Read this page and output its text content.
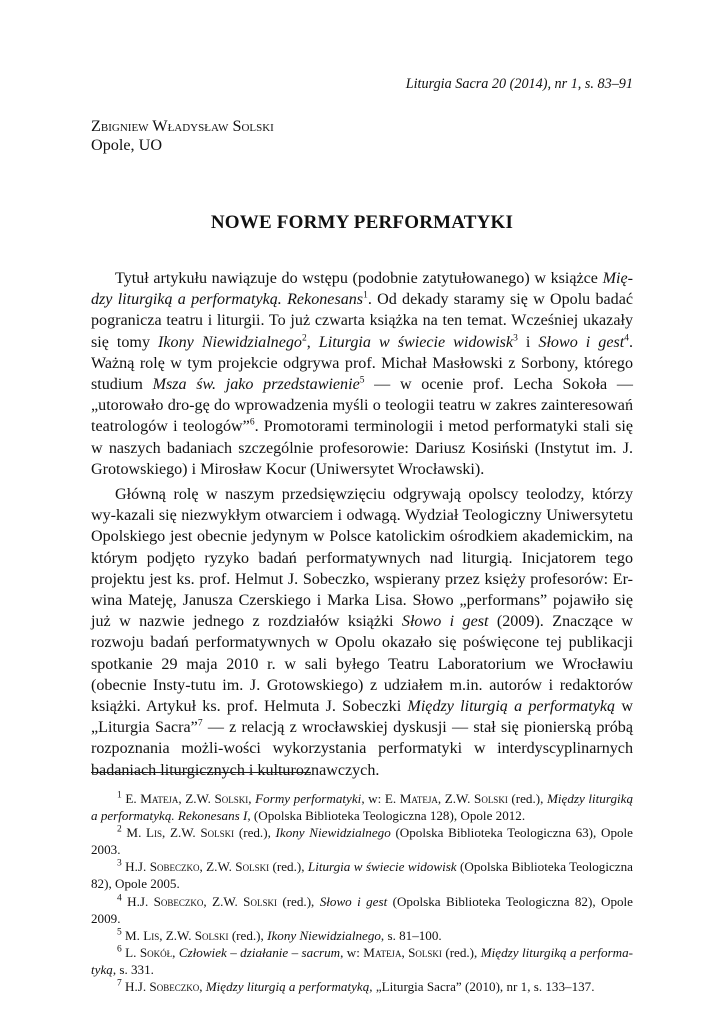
Liturgia Sacra 20 (2014), nr 1, s. 83–91
Zbigniew Władysław Solski
Opole, UO
NOWE FORMY PERFORMATYKI

Tytuł artykułu nawiązuje do wstępu (podobnie zatytułowanego) w książce Mię-dzy liturgiką a performatyką. Rekonesans$^1$. Od dekady staramy się w Opolu badać pogranicza teatru i liturgii. To już czwarta książka na ten temat. Wcześniej ukazały się tomy Ikony Niewidzialnego$^2$, Liturgia w świecie widowisk$^3$ i Słowo i gest$^4$. Ważną rolę w tym projekcie odgrywa prof. Michał Masłowski z Sorbony, którego studium Msza św. jako przedstawienie$^5$ — w ocenie prof. Lecha Sokoła — „utorowało dro-gę do wprowadzenia myśli o teologii teatru w zakres zainteresowań teatrologów i teologów”$^6$. Promotorami terminologii i metod performatyki stali się w naszych badaniach szczególnie profesorowie: Dariusz Kosiński (Instytut im. J. Grotowskiego) i Mirosław Kocur (Uniwersytet Wrocławski).

Główną rolę w naszym przedsięwzięciu odgrywają opolscy teolodzy, którzy wy-kazali się niezwykłym otwarciem i odwagą. Wydział Teologiczny Uniwersytetu Opolskiego jest obecnie jedynym w Polsce katolickim ośrodkiem akademickim, na którym podjęto ryzyko badań performatywnych nad liturgią. Inicjatorem tego projektu jest ks. prof. Helmut J. Sobeczko, wspierany przez księży profesorów: Er-wina Mateję, Janusza Czerskiego i Marka Lisa. Słowo „performans” pojawiło się już w nazwie jednego z rozdziałów książki Słowo i gest (2009). Znaczące w rozwoju badań performatywnych w Opolu okazało się poświęcone tej publikacji spotkanie 29 maja 2010 r. w sali byłego Teatru Laboratorium we Wrocławiu (obecnie Insty-tutu im. J. Grotowskiego) z udziałem m.in. autorów i redaktorów książki. Artykuł ks. prof. Helmuta J. Sobeczki Między liturgią a performatyką w „Liturgia Sacra”$^7$ — z relacją z wrocławskiej dyskusji — stał się pionierską próbą rozpoznania możli-wości wykorzystania performatyki w interdyscyplinarnych badaniach liturgicznych i kulturoznawczych.

$^1$ E. Mateja, Z.W. Solski, Formy performatyki, w: E. Mateja, Z.W. Solski (red.), Między liturgiką a performatyką. Rekonesans I, (Opolska Biblioteka Teologiczna 128), Opole 2012.

$^2$ M. Lis, Z.W. Solski (red.), Ikony Niewidzialnego (Opolska Biblioteka Teologiczna 63), Opole 2003.

$^3$ H.J. Sobeczko, Z.W. Solski (red.), Liturgia w świecie widowisk (Opolska Biblioteka Teologiczna 82), Opole 2005.

$^4$ H.J. Sobeczko, Z.W. Solski (red.), Słowo i gest (Opolska Biblioteka Teologiczna 82), Opole 2009.

$^5$ M. Lis, Z.W. Solski (red.), Ikony Niewidzialnego, s. 81–100.

$^6$ L. Sokół, Człowiek – działanie – sacrum, w: Mateja, Solski (red.), Między liturgiką a performa-tyką, s. 331.

$^7$ H.J. Sobeczko, Między liturgią a performatyką, „Liturgia Sacra” (2010), nr 1, s. 133–137.
